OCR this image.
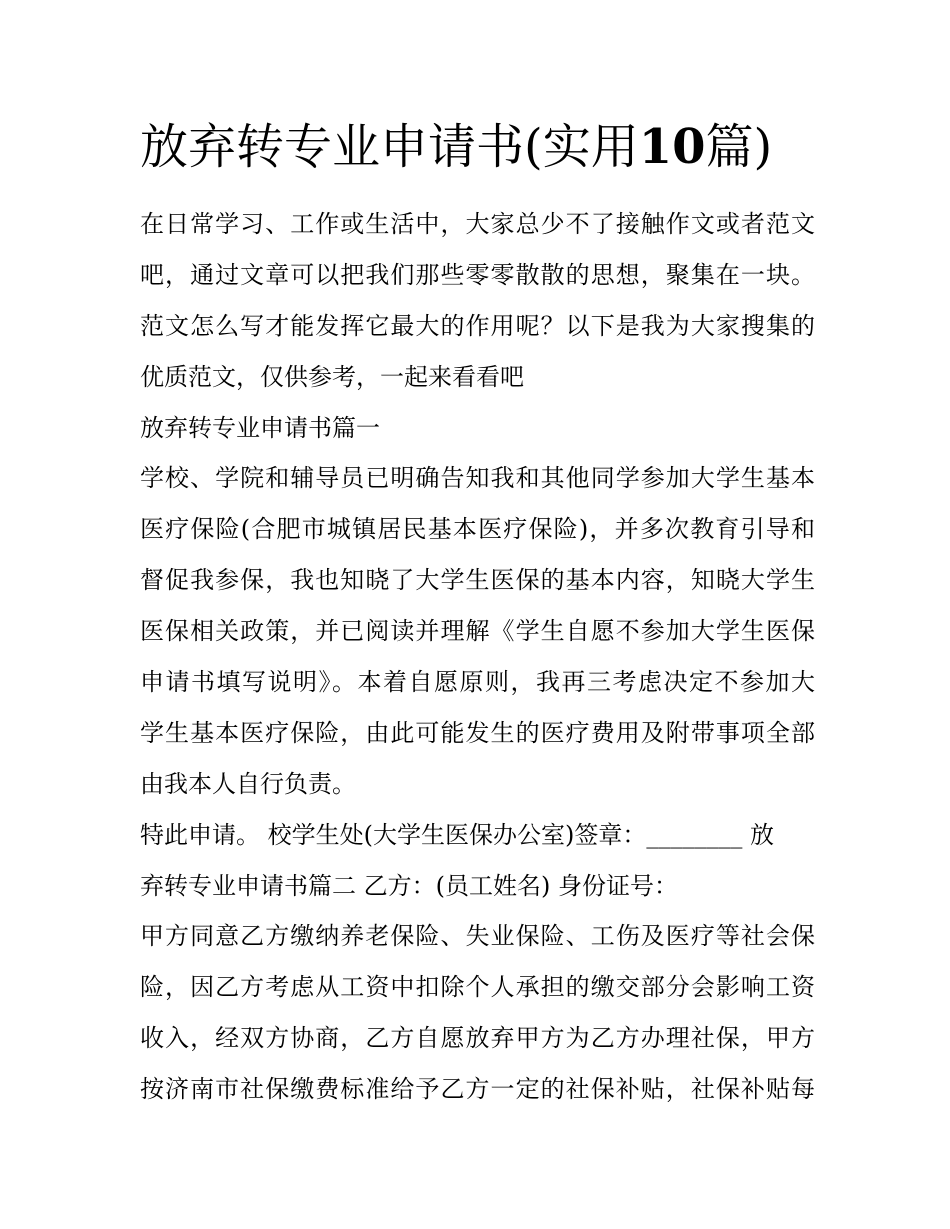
放弃转专业申请书(实用10篇)
在日常学习、工作或生活中，大家总少不了接触作文或者范文
吧，通过文章可以把我们那些零零散散的思想，聚集在一块。
范文怎么写才能发挥它最大的作用呢？以下是我为大家搜集的
优质范文，仅供参考，一起来看看吧
放弃转专业申请书篇一
学校、学院和辅导员已明确告知我和其他同学参加大学生基本
医疗保险(合肥市城镇居民基本医疗保险)，并多次教育引导和
督促我参保，我也知晓了大学生医保的基本内容，知晓大学生
医保相关政策，并已阅读并理解《学生自愿不参加大学生医保
申请书填写说明》。本着自愿原则，我再三考虑决定不参加大
学生基本医疗保险，由此可能发生的医疗费用及附带事项全部
由我本人自行负责。
特此申请。 校学生处(大学生医保办公室)签章：________ 放
弃转专业申请书篇二 乙方：(员工姓名) 身份证号：
甲方同意乙方缴纳养老保险、失业保险、工伤及医疗等社会保
险，因乙方考虑从工资中扣除个人承担的缴交部分会影响工资
收入，经双方协商，乙方自愿放弃甲方为乙方办理社保，甲方
按济南市社保缴费标准给予乙方一定的社保补贴，社保补贴每
